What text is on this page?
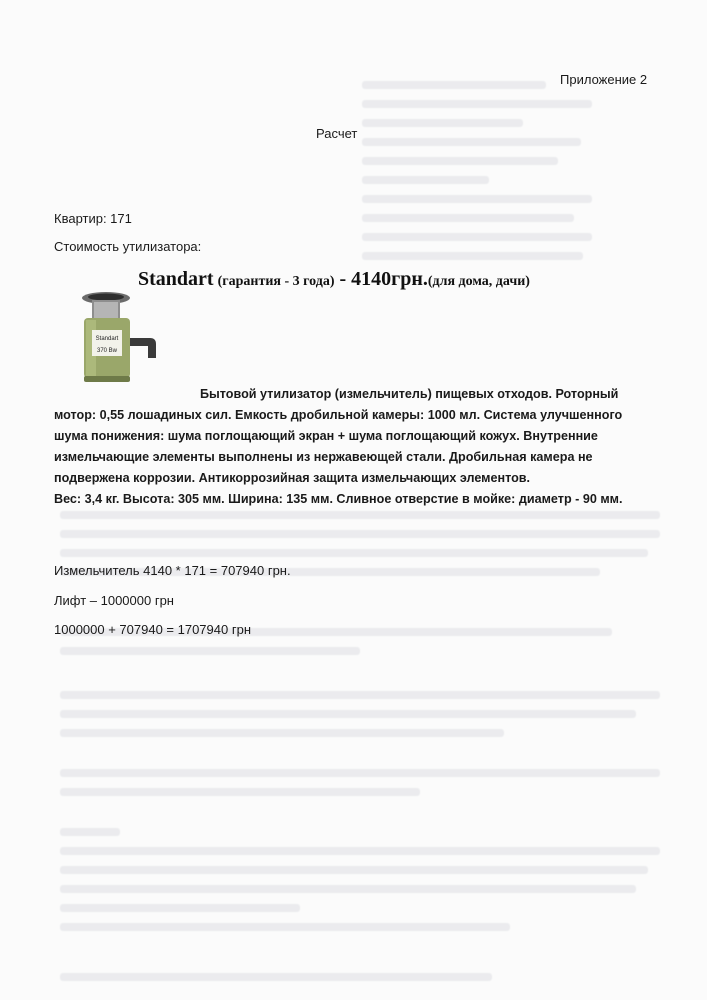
Приложение 2
Расчет
Квартир: 171
Стоимость утилизатора:
Standart (гарантия - 3 года) - 4140грн.(для дома, дачи)
Standart
370 Bw
Бытовой утилизатор (измельчитель) пищевых отходов. Роторный
мотор: 0,55 лошадиных сил. Емкость дробильной камеры: 1000 мл. Система улучшенного
шума понижения: шума поглощающий экран + шума поглощающий кожух. Внутренние
измельчающие элементы выполнены из нержавеющей стали. Дробильная камера не
подвержена коррозии. Антикоррозийная защита измельчающих элементов.
Вес: 3,4 кг. Высота: 305 мм. Ширина: 135 мм. Сливное отверстие в мойке: диаметр - 90 мм.
Измельчитель 4140 * 171 = 707940 грн.
Лифт – 1000000 грн
1000000 + 707940 = 1707940 грн
